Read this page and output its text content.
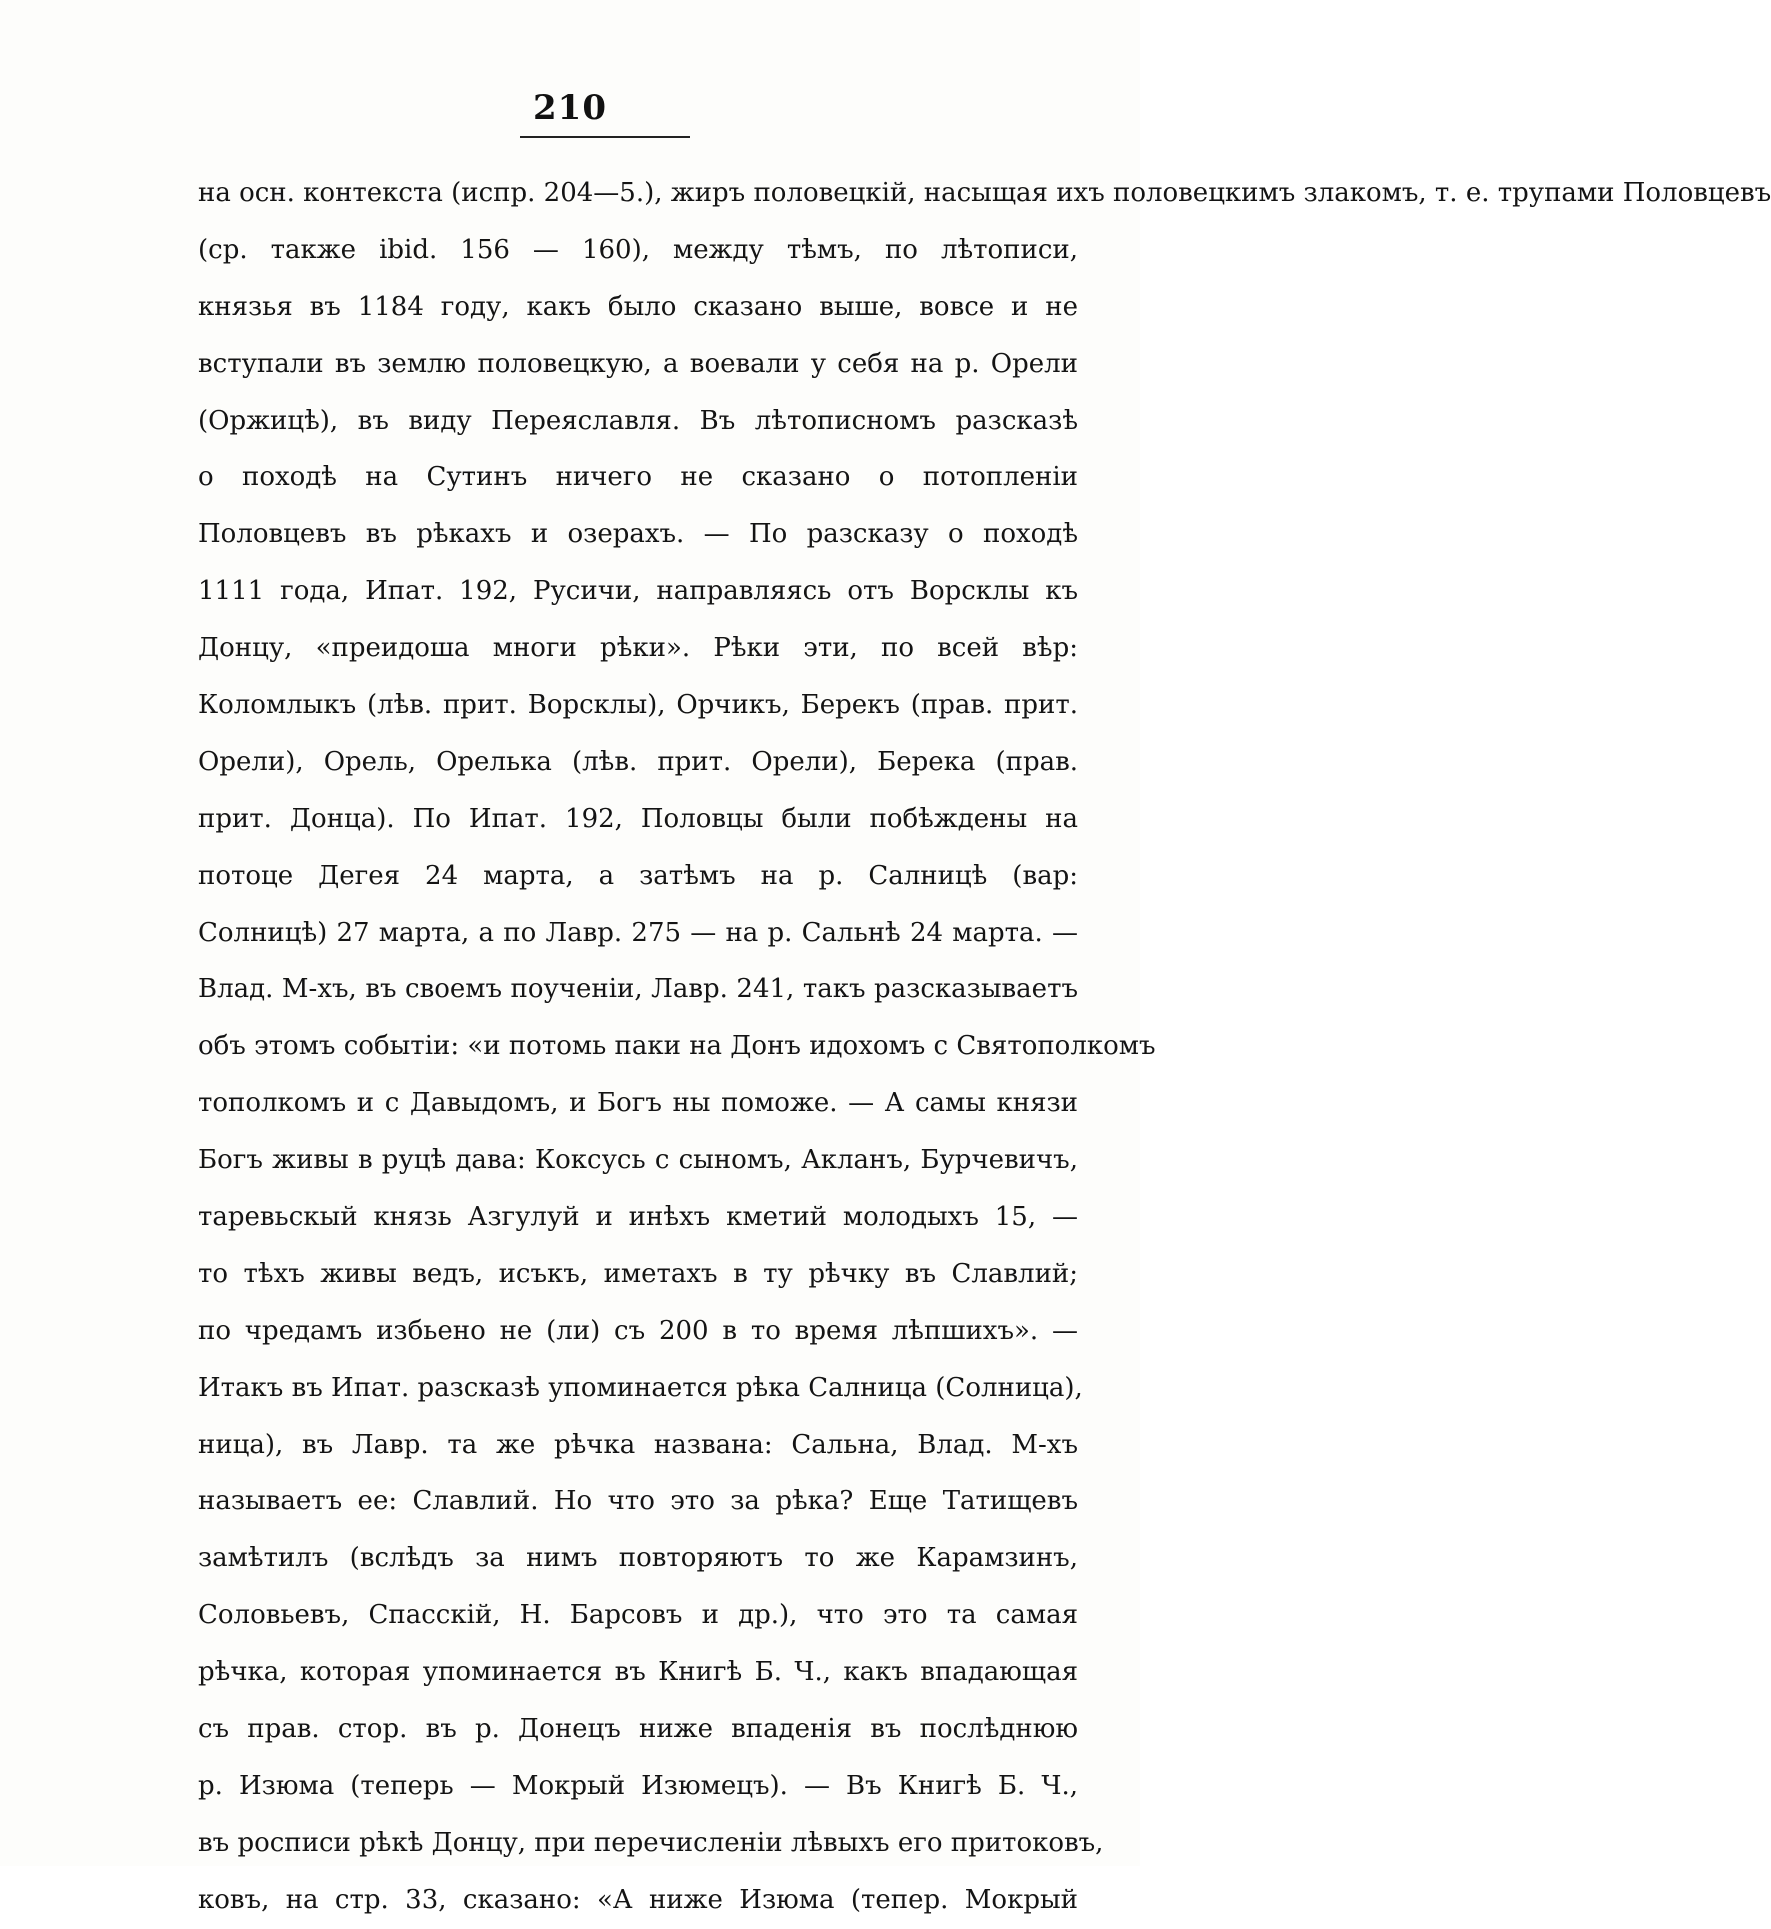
210
на осн. контекста (испр. 204—5.), жиръ половецкій, насыщая ихъ половецкимъ злакомъ, т. е. трупами Половцевъ
(ср. также ibid. 156 — 160), между тѣмъ, по лѣтописи,
князья въ 1184 году, какъ было сказано выше, вовсе и не
вступали въ землю половецкую, а воевали у себя на р. Орели
(Оржицѣ), въ виду Переяславля. Въ лѣтописномъ разсказѣ
о походѣ на Сутинъ ничего не сказано о потопленіи
Половцевъ въ рѣкахъ и озерахъ. — По разсказу о походѣ
1111 года, Ипат. 192, Русичи, направляясь отъ Ворсклы къ
Донцу, «преидоша многи рѣки». Рѣки эти, по всей вѣр:
Коломлыкъ (лѣв. прит. Ворсклы), Орчикъ, Берекъ (прав. прит.
Орели), Орель, Орелька (лѣв. прит. Орели), Берека (прав.
прит. Донца). По Ипат. 192, Половцы были побѣждены на
потоце Дегея 24 марта, а затѣмъ на р. Салницѣ (вар:
Солницѣ) 27 марта, а по Лавр. 275 — на р. Сальнѣ 24 марта. —
Влад. М-хъ, въ своемъ поученіи, Лавр. 241, такъ разсказываетъ
объ этомъ событіи: «и потомь паки на Донъ идохомъ с Святополкомъ
тополкомъ и с Давыдомъ, и Богъ ны поможе. — А самы князи
Богъ живы в руцѣ дава: Коксусь с сыномъ, Акланъ, Бурчевичъ,
таревьскый князь Азгулуй и инѣхъ кметий молодыхъ 15, —
то тѣхъ живы ведъ, исъкъ, иметахъ в ту рѣчку въ Славлий;
по чредамъ избьено не (ли) съ 200 в то время лѣпшихъ». —
Итакъ въ Ипат. разсказѣ упоминается рѣка Салница (Солница),
ница), въ Лавр. та же рѣчка названа: Сальна, Влад. М-хъ
называетъ ее: Славлий. Но что это за рѣка? Еще Татищевъ
замѣтилъ (вслѣдъ за нимъ повторяютъ то же Карамзинъ,
Соловьевъ, Спасскій, Н. Барсовъ и др.), что это та самая
рѣчка, которая упоминается въ Книгѣ Б. Ч., какъ впадающая
съ прав. стор. въ р. Донецъ ниже впаденія въ послѣднюю
р. Изюма (теперь — Мокрый Изюмецъ). — Въ Книгѣ Б. Ч.,
въ росписи рѣкѣ Донцу, при перечисленіи лѣвыхъ его притоковъ,
ковъ, на стр. 33, сказано: «А ниже Изюма (тепер. Мокрый
